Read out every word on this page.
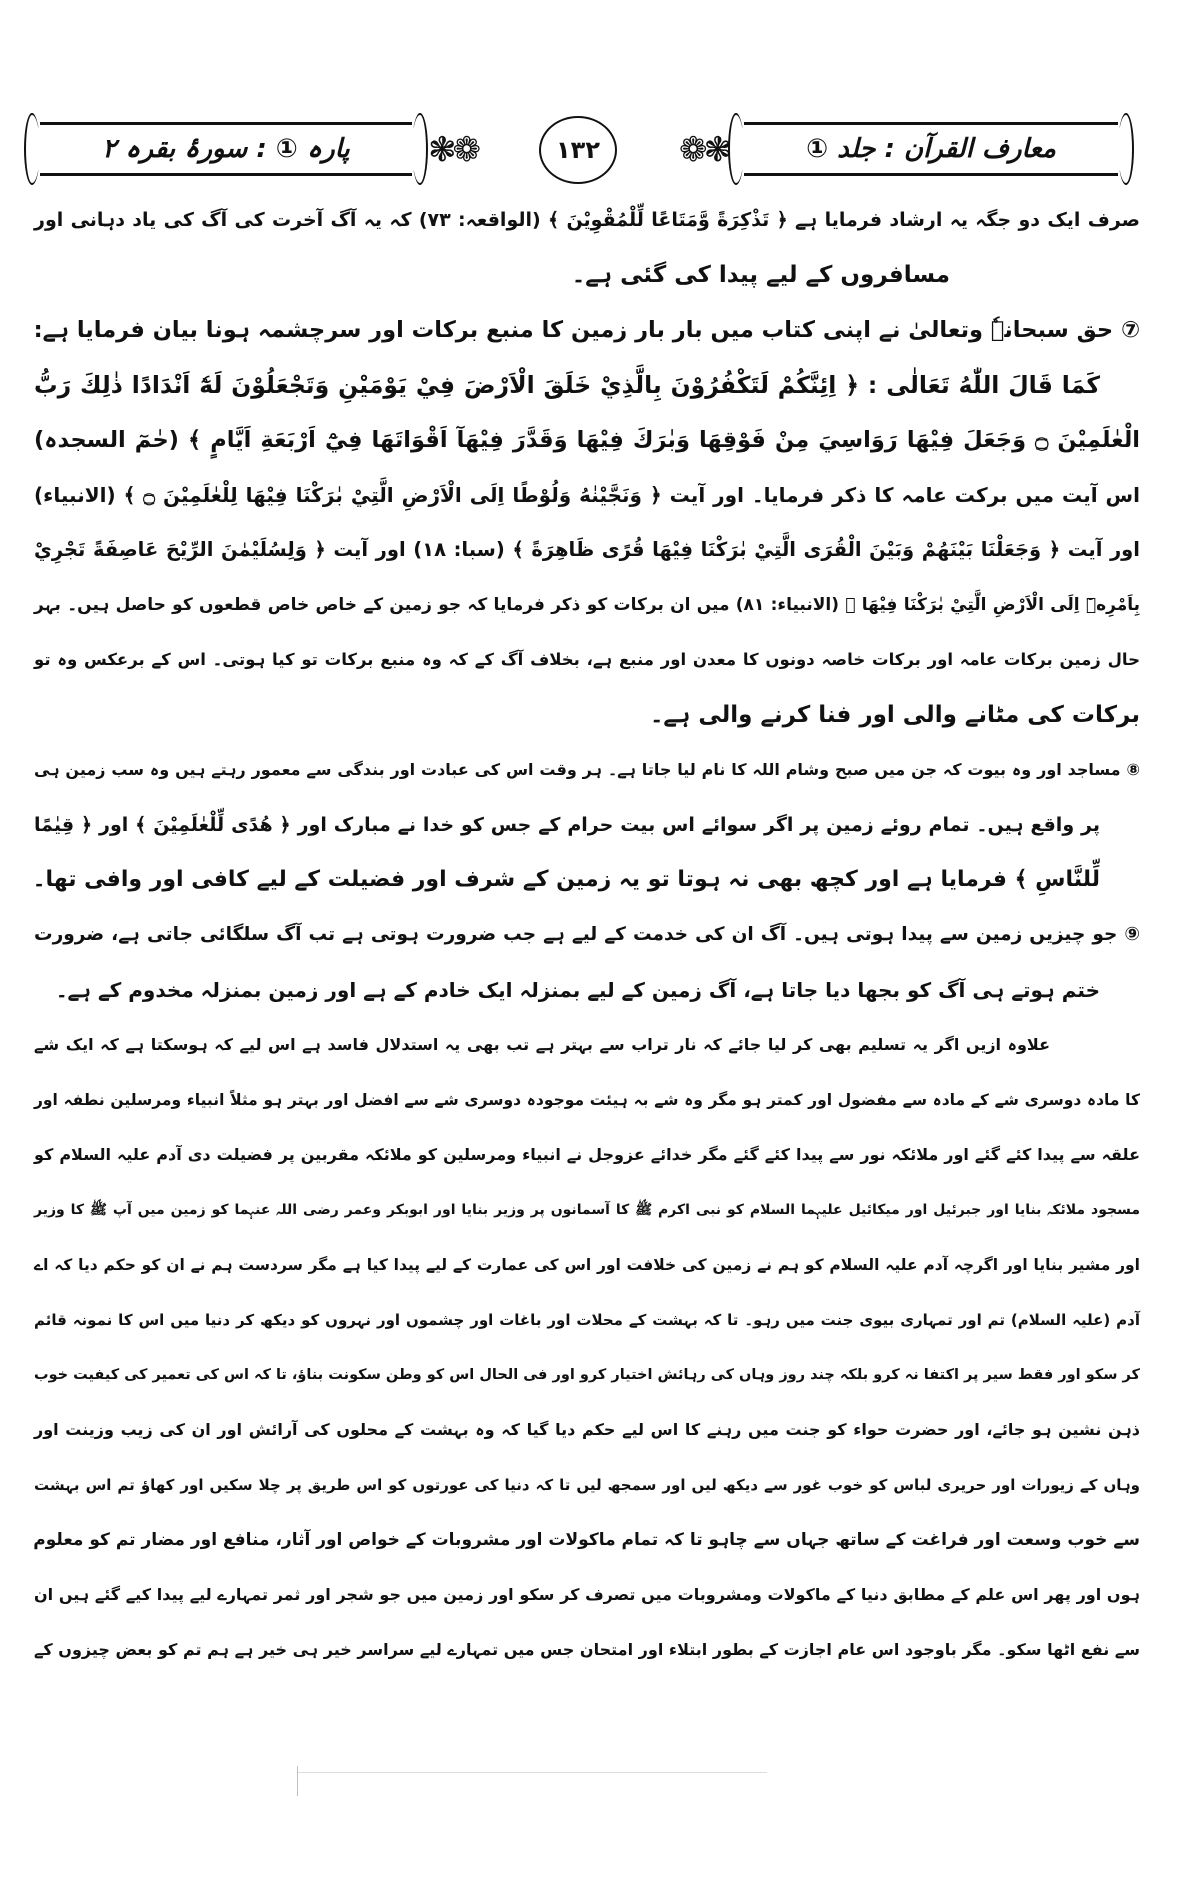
معارف القرآن : جلد ①
❃❁	۱۳۲ ❁❃
پارہ ① : سورۂ بقرہ ۲
صرف ایک دو جگہ یہ ارشاد فرمایا ہے ﴿ تَذْكِرَةً وَّمَتَاعًا لِّلْمُقْوِيْنَ ﴾ (الواقعہ: ۷۳) کہ یہ آگ آخرت کی آگ کی یاد دہانی اور
مسافروں کے لیے پیدا کی گئی ہے۔
⑦ حق سبحانہٗ وتعالیٰ نے اپنی کتاب میں بار بار زمین کا منبع برکات اور سرچشمہ ہونا بیان فرمایا ہے:
كَمَا قَالَ اللّٰهُ تَعَالٰی : ﴿ اِئِنَّكُمْ لَتَكْفُرُوْنَ بِالَّذِيْ خَلَقَ الْاَرْضَ فِيْ يَوْمَيْنِ وَتَجْعَلُوْنَ لَهٗٓ اَنْدَادًا ذٰلِكَ رَبُّ
الْعٰلَمِيْنَ ۝ وَجَعَلَ فِيْهَا رَوَاسِيَ مِنْ فَوْقِهَا وَبٰرَكَ فِيْهَا وَقَدَّرَ فِيْهَآ اَقْوَاتَهَا فِيْٓ اَرْبَعَةِ اَيَّامٍ ﴾ (حٰمٓ السجدہ)
اس آیت میں برکت عامہ کا ذکر فرمایا۔ اور آیت ﴿ وَنَجَّيْنٰهُ وَلُوْطًا اِلَى الْاَرْضِ الَّتِيْ بٰرَكْنَا فِيْهَا لِلْعٰلَمِيْنَ ۝ ﴾ (الانبیاء)
اور آیت ﴿ وَجَعَلْنَا بَيْنَهُمْ وَبَيْنَ الْقُرَى الَّتِيْ بٰرَكْنَا فِيْهَا قُرًى ظَاهِرَةً ﴾ (سبا: ۱۸) اور آیت ﴿ وَلِسُلَيْمٰنَ الرِّيْحَ عَاصِفَةً تَجْرِيْ
بِاَمْرِهٖٓ اِلَى الْاَرْضِ الَّتِيْ بٰرَكْنَا فِيْهَا ﴾ (الانبیاء: ۸۱) میں ان برکات کو ذکر فرمایا کہ جو زمین کے خاص خاص قطعوں کو حاصل ہیں۔ بہر
حال زمین برکات عامہ اور برکات خاصہ دونوں کا معدن اور منبع ہے، بخلاف آگ کے کہ وہ منبع برکات تو کیا ہوتی۔ اس کے برعکس وہ تو
برکات کی مٹانے والی اور فنا کرنے والی ہے۔
⑧ مساجد اور وہ بیوت کہ جن میں صبح وشام اللہ کا نام لیا جاتا ہے۔ ہر وقت اس کی عبادت اور بندگی سے معمور رہتے ہیں وہ سب زمین ہی
پر واقع ہیں۔ تمام روئے زمین پر اگر سوائے اس بیت حرام کے جس کو خدا نے مبارک اور ﴿ هُدًى لِّلْعٰلَمِيْنَ ﴾ اور ﴿ قِيٰمًا
لِّلنَّاسِ ﴾ فرمایا ہے اور کچھ بھی نہ ہوتا تو یہ زمین کے شرف اور فضیلت کے لیے کافی اور وافی تھا۔
⑨ جو چیزیں زمین سے پیدا ہوتی ہیں۔ آگ ان کی خدمت کے لیے ہے جب ضرورت ہوتی ہے تب آگ سلگائی جاتی ہے، ضرورت
ختم ہوتے ہی آگ کو بجھا دیا جاتا ہے، آگ زمین کے لیے بمنزلہ ایک خادم کے ہے اور زمین بمنزلہ مخدوم کے ہے۔
علاوہ ازیں اگر یہ تسلیم بھی کر لیا جائے کہ نار تراب سے بہتر ہے تب بھی یہ استدلال فاسد ہے اس لیے کہ ہوسکتا ہے کہ ایک شے
کا مادہ دوسری شے کے مادہ سے مفضول اور کمتر ہو مگر وہ شے بہ ہیئت موجودہ دوسری شے سے افضل اور بہتر ہو مثلاً انبیاء ومرسلین نطفہ اور
علقہ سے پیدا کئے گئے اور ملائکہ نور سے پیدا کئے گئے مگر خدائے عزوجل نے انبیاء ومرسلین کو ملائکہ مقربین پر فضیلت دی آدم علیہ السلام کو
مسجود ملائکہ بنایا اور جبرئیل اور میکائیل علیہما السلام کو نبی اکرم ﷺ کا آسمانوں پر وزیر بنایا اور ابوبکر وعمر رضی اللہ عنہما کو زمین میں آپ ﷺ کا وزیر
اور مشیر بنایا اور اگرچہ آدم علیہ السلام کو ہم نے زمین کی خلافت اور اس کی عمارت کے لیے پیدا کیا ہے مگر سردست ہم نے ان کو حکم دیا کہ اے
آدم (علیہ السلام) تم اور تمہاری بیوی جنت میں رہو۔ تا کہ بہشت کے محلات اور باغات اور چشموں اور نہروں کو دیکھ کر دنیا میں اس کا نمونہ قائم
کر سکو اور فقط سیر پر اکتفا نہ کرو بلکہ چند روز وہاں کی رہائش اختیار کرو اور فی الحال اس کو وطن سکونت بناؤ، تا کہ اس کی تعمیر کی کیفیت خوب
ذہن نشین ہو جائے، اور حضرت حواء کو جنت میں رہنے کا اس لیے حکم دیا گیا کہ وہ بہشت کے محلوں کی آرائش اور ان کی زیب وزینت اور
وہاں کے زیورات اور حریری لباس کو خوب غور سے دیکھ لیں اور سمجھ لیں تا کہ دنیا کی عورتوں کو اس طریق پر چلا سکیں اور کھاؤ تم اس بہشت
سے خوب وسعت اور فراغت کے ساتھ جہاں سے چاہو تا کہ تمام ماکولات اور مشروبات کے خواص اور آثار، منافع اور مضار تم کو معلوم
ہوں اور پھر اس علم کے مطابق دنیا کے ماکولات ومشروبات میں تصرف کر سکو اور زمین میں جو شجر اور ثمر تمہارے لیے پیدا کیے گئے ہیں ان
سے نفع اٹھا سکو۔ مگر باوجود اس عام اجازت کے بطور ابتلاء اور امتحان جس میں تمہارے لیے سراسر خیر ہی خیر ہے ہم تم کو بعض چیزوں کے
